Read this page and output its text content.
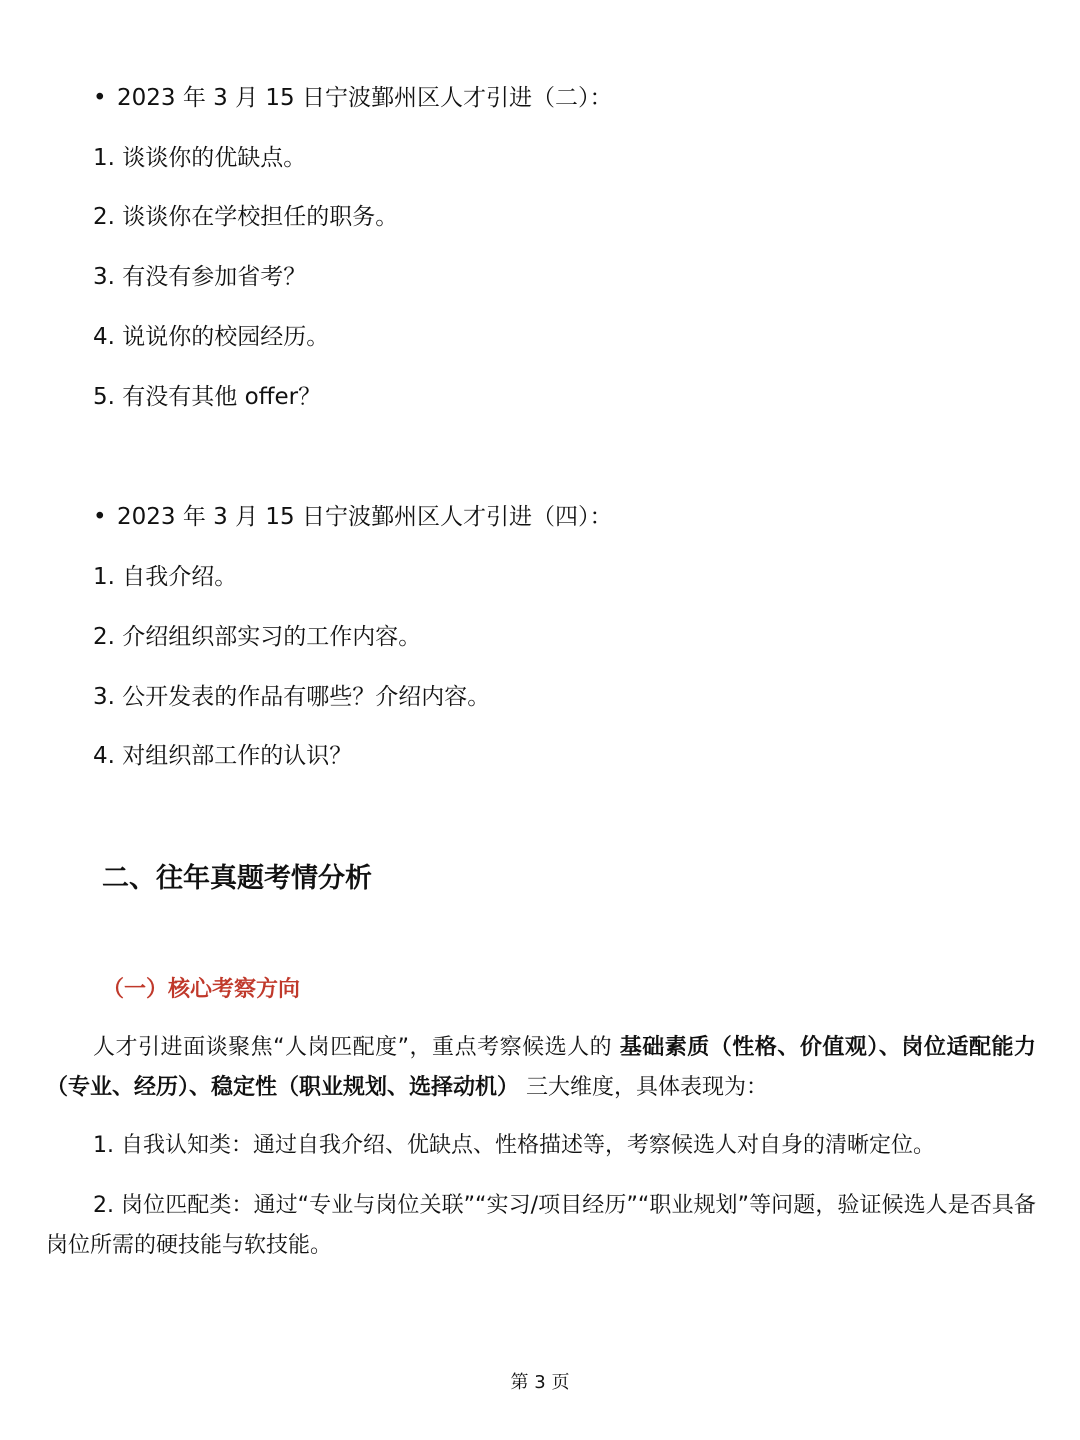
• 2023 年 3 月 15 日宁波鄞州区人才引进（二）：
1. 谈谈你的优缺点。
2. 谈谈你在学校担任的职务。
3. 有没有参加省考？
4. 说说你的校园经历。
5. 有没有其他 offer？
• 2023 年 3 月 15 日宁波鄞州区人才引进（四）：
1. 自我介绍。
2. 介绍组织部实习的工作内容。
3. 公开发表的作品有哪些？介绍内容。
4. 对组织部工作的认识？
二、往年真题考情分析
（一）核心考察方向
人才引进面谈聚焦“人岗匹配度”，重点考察候选人的 基础素质（性格、价值观）、岗位适配能力（专业、经历）、稳定性（职业规划、选择动机） 三大维度，具体表现为：
1. 自我认知类：通过自我介绍、优缺点、性格描述等，考察候选人对自身的清晰定位。
2. 岗位匹配类：通过“专业与岗位关联”“实习/项目经历”“职业规划”等问题，验证候选人是否具备岗位所需的硬技能与软技能。
第 3 页
